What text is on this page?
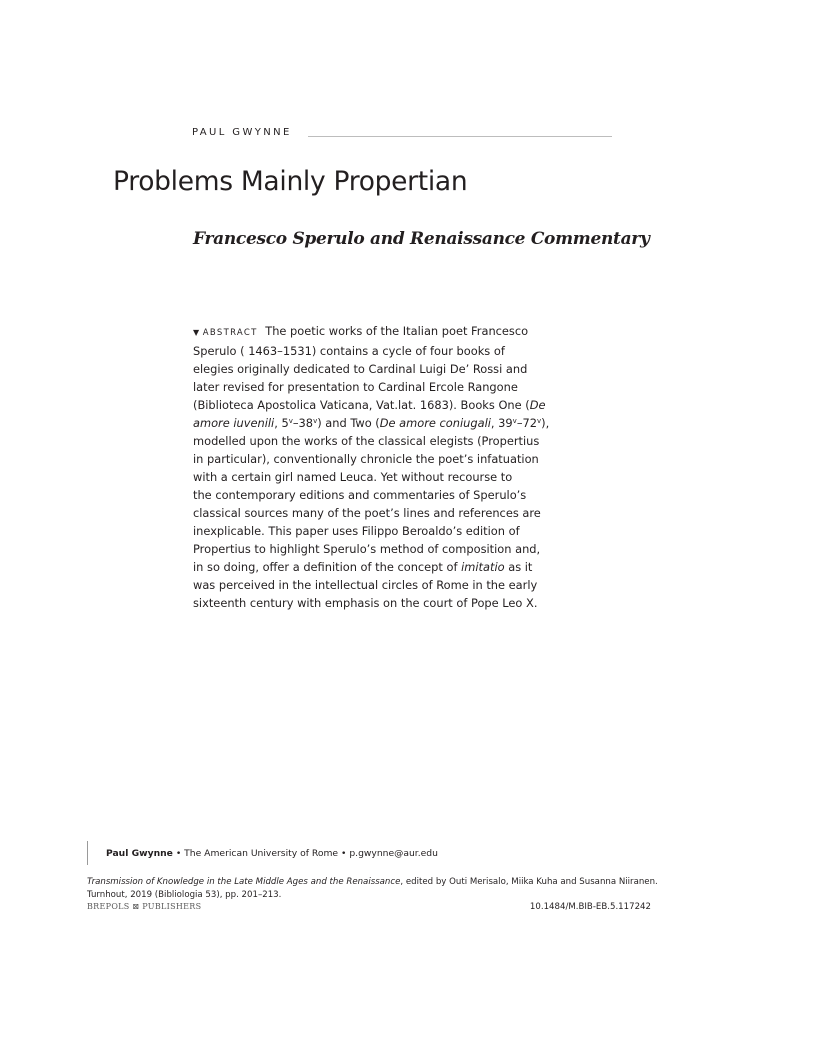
PAUL GWYNNE
Problems Mainly Propertian
Francesco Sperulo and Renaissance Commentary
▼ ABSTRACT The poetic works of the Italian poet Francesco
Sperulo ( 1463–1531) contains a cycle of four books of
elegies originally dedicated to Cardinal Luigi De’ Rossi and
later revised for presentation to Cardinal Ercole Rangone
(Biblioteca Apostolica Vaticana, Vat.lat. 1683). Books One (De
amore iuvenili, 5$^v$–38$^v$) and Two (De amore coniugali, 39$^v$–72$^v$),
modelled upon the works of the classical elegists (Propertius
in particular), conventionally chronicle the poet’s infatuation
with a certain girl named Leuca. Yet without recourse to
the contemporary editions and commentaries of Sperulo’s
classical sources many of the poet’s lines and references are
inexplicable. This paper uses Filippo Beroaldo’s edition of
Propertius to highlight Sperulo’s method of composition and,
in so doing, offer a definition of the concept of imitatio as it
was perceived in the intellectual circles of Rome in the early
sixteenth century with emphasis on the court of Pope Leo X.
Paul Gwynne • The American University of Rome • p.gwynne@aur.edu
Transmission of Knowledge in the Late Middle Ages and the Renaissance, edited by Outi Merisalo, Miika Kuha and Susanna Niiranen.
Turnhout, 2019 (Bibliologia 53), pp. 201–213.
BREPOLS ⊠ PUBLISHERS	10.1484/M.BIB-EB.5.117242
